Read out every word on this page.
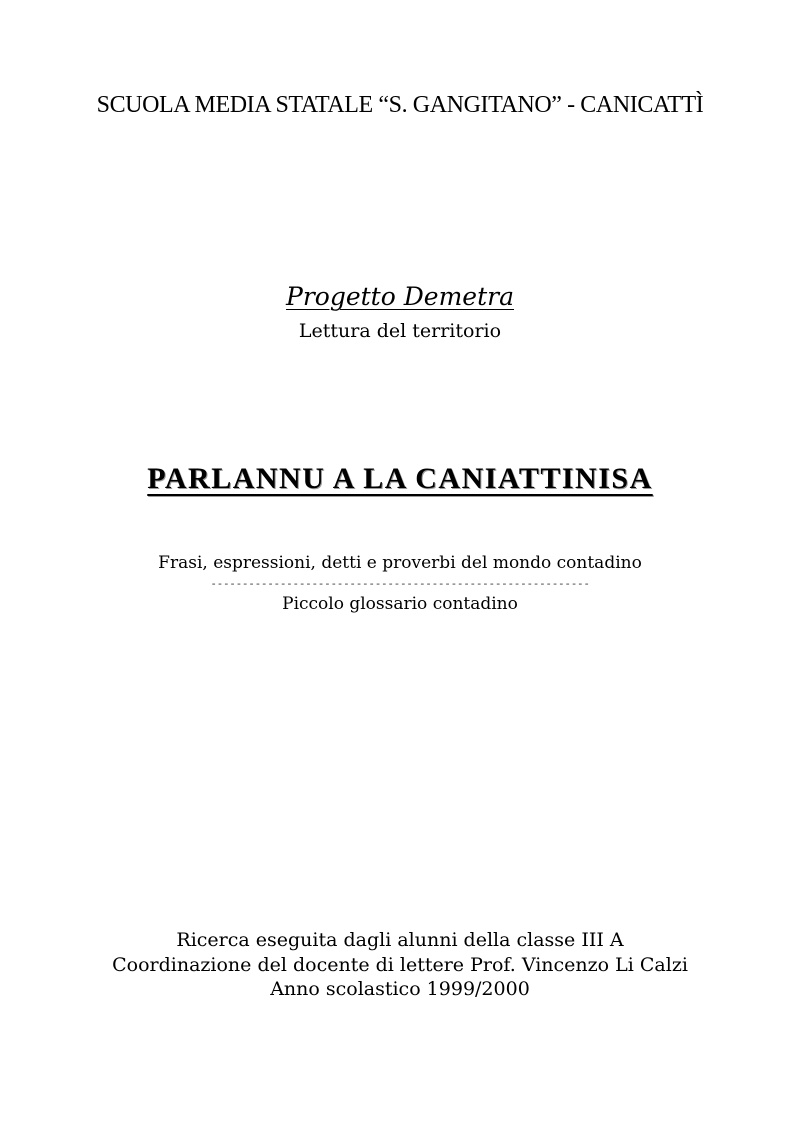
SCUOLA MEDIA STATALE “S. GANGITANO” - CANICATTÌ
Progetto Demetra
Lettura del territorio
PARLANNU A LA CANIATTINISA
Frasi, espressioni, detti e proverbi del mondo contadino
------------------------------------------------------------
Piccolo glossario contadino
Ricerca eseguita dagli alunni della classe III A
Coordinazione del docente di lettere Prof. Vincenzo Li Calzi
Anno scolastico 1999/2000
